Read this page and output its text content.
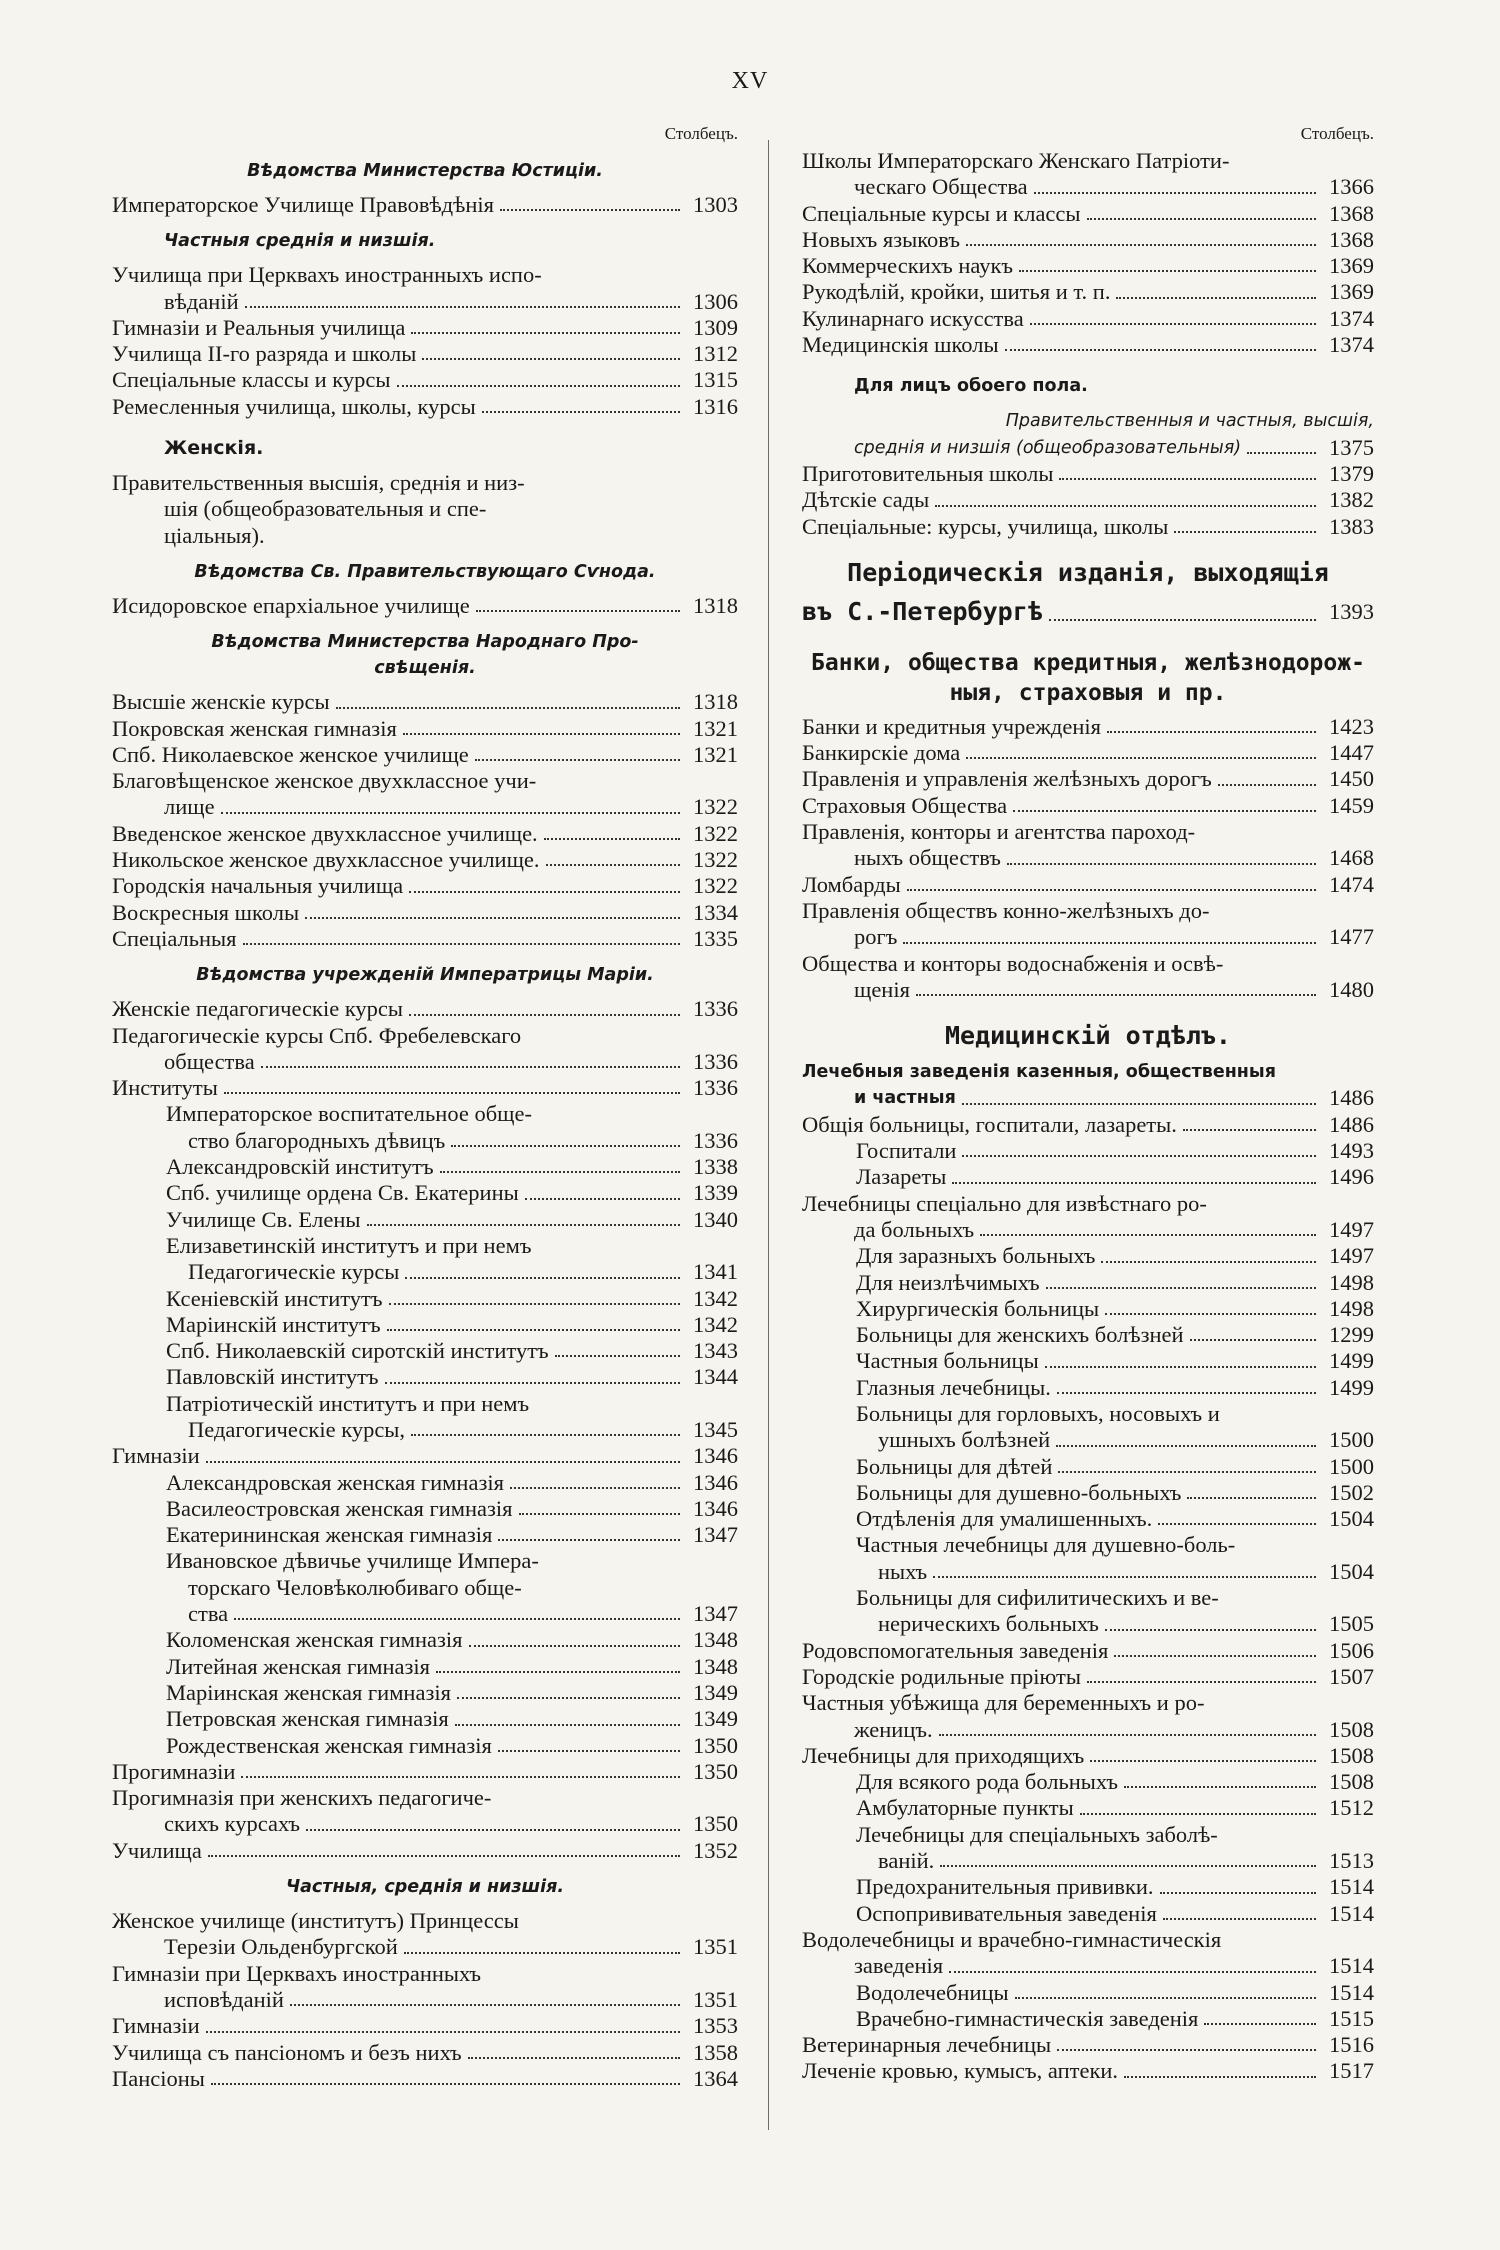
XV
Столбецъ.
Вѣдомства Министерства Юстиціи.
Императорское Училище Правовѣдѣнія	1303
Частныя среднія и низшія.
Училища при Церквахъ иностранныхъ испо-
вѣданій	1306
Гимназіи и Реальныя училища	1309
Училища II-го разряда и школы	1312
Спеціальные классы и курсы	1315
Ремесленныя училища, школы, курсы	1316
Женскія.
Правительственныя высшія, среднія и низ-
шія (общеобразовательныя и спе-
ціальныя).
Вѣдомства Св. Правительствующаго Сѵнода.
Исидоровское епархіальное училище	1318
Вѣдомства Министерства Народнаго Про-
свѣщенія.
Высшіе женскіе курсы	1318
Покровская женская гимназія	1321
Спб. Николаевское женское училище	1321
Благовѣщенское женское двухклассное учи-
лище	1322
Введенское женское двухклассное училище.	1322
Никольское женское двухклассное училище.	1322
Городскія начальныя училища	1322
Воскресныя школы	1334
Спеціальныя	1335
Вѣдомства учрежденій Императрицы Маріи.
Женскіе педагогическіе курсы	1336
Педагогическіе курсы Спб. Фребелевскаго
общества	1336
Институты	1336
Императорское воспитательное обще-
ство благородныхъ дѣвицъ	1336
Александровскій институтъ	1338
Спб. училище ордена Св. Екатерины	1339
Училище Св. Елены	1340
Елизаветинскій институтъ и при немъ
Педагогическіе курсы	1341
Ксеніевскій институтъ	1342
Маріинскій институтъ	1342
Спб. Николаевскій сиротскій институтъ	1343
Павловскій институтъ	1344
Патріотическій институтъ и при немъ
Педагогическіе курсы,	1345
Гимназіи	1346
Александровская женская гимназія	1346
Василеостровская женская гимназія	1346
Екатерининская женская гимназія	1347
Ивановское дѣвичье училище Импера-
торскаго Человѣколюбиваго обще-
ства	1347
Коломенская женская гимназія	1348
Литейная женская гимназія	1348
Маріинская женская гимназія	1349
Петровская женская гимназія	1349
Рождественская женская гимназія	1350
Прогимназіи	1350
Прогимназія при женскихъ педагогиче-
скихъ курсахъ	1350
Училища	1352
Частныя, среднія и низшія.
Женское училище (институтъ) Принцессы
Терезіи Ольденбургской	1351
Гимназіи при Церквахъ иностранныхъ
исповѣданій	1351
Гимназіи	1353
Училища съ пансіономъ и безъ нихъ	1358
Пансіоны	1364
Столбецъ.
Школы Императорскаго Женскаго Патріоти-
ческаго Общества	1366
Спеціальные курсы и классы	1368
Новыхъ языковъ	1368
Коммерческихъ наукъ	1369
Рукодѣлій, кройки, шитья и т. п.	1369
Кулинарнаго искусства	1374
Медицинскія школы	1374
Для лицъ обоего пола.
Правительственныя и частныя, высшія,
среднія и низшія (общеобразовательныя)	1375
Приготовительныя школы	1379
Дѣтскіе сады	1382
Спеціальные: курсы, училища, школы	1383
Періодическія изданія, выходящія
въ С.-Петербургѣ	1393
Банки, общества кредитныя, желѣзнодорож-
ныя, страховыя и пр.
Банки и кредитныя учрежденія	1423
Банкирскіе дома	1447
Правленія и управленія желѣзныхъ дорогъ	1450
Страховыя Общества	1459
Правленія, конторы и агентства пароход-
ныхъ обществъ	1468
Ломбарды	1474
Правленія обществъ конно-желѣзныхъ до-
рогъ	1477
Общества и конторы водоснабженія и освѣ-
щенія	1480
Медицинскій отдѣлъ.
Лечебныя заведенія казенныя, общественныя
и частныя	1486
Общія больницы, госпитали, лазареты.	1486
Госпитали	1493
Лазареты	1496
Лечебницы спеціально для извѣстнаго ро-
да больныхъ	1497
Для заразныхъ больныхъ	1497
Для неизлѣчимыхъ	1498
Хирургическія больницы	1498
Больницы для женскихъ болѣзней	1299
Частныя больницы	1499
Глазныя лечебницы.	1499
Больницы для горловыхъ, носовыхъ и
ушныхъ болѣзней	1500
Больницы для дѣтей	1500
Больницы для душевно-больныхъ	1502
Отдѣленія для умалишенныхъ.	1504
Частныя лечебницы для душевно-боль-
ныхъ	1504
Больницы для сифилитическихъ и ве-
нерическихъ больныхъ	1505
Родовспомогательныя заведенія	1506
Городскіе родильные пріюты	1507
Частныя убѣжища для беременныхъ и ро-
женицъ.	1508
Лечебницы для приходящихъ	1508
Для всякого рода больныхъ	1508
Амбулаторные пункты	1512
Лечебницы для спеціальныхъ заболѣ-
ваній.	1513
Предохранительныя прививки.	1514
Оспопрививательныя заведенія	1514
Водолечебницы и врачебно-гимнастическія
заведенія	1514
Водолечебницы	1514
Врачебно-гимнастическія заведенія	1515
Ветеринарныя лечебницы	1516
Леченіе кровью, кумысъ, аптеки.	1517
